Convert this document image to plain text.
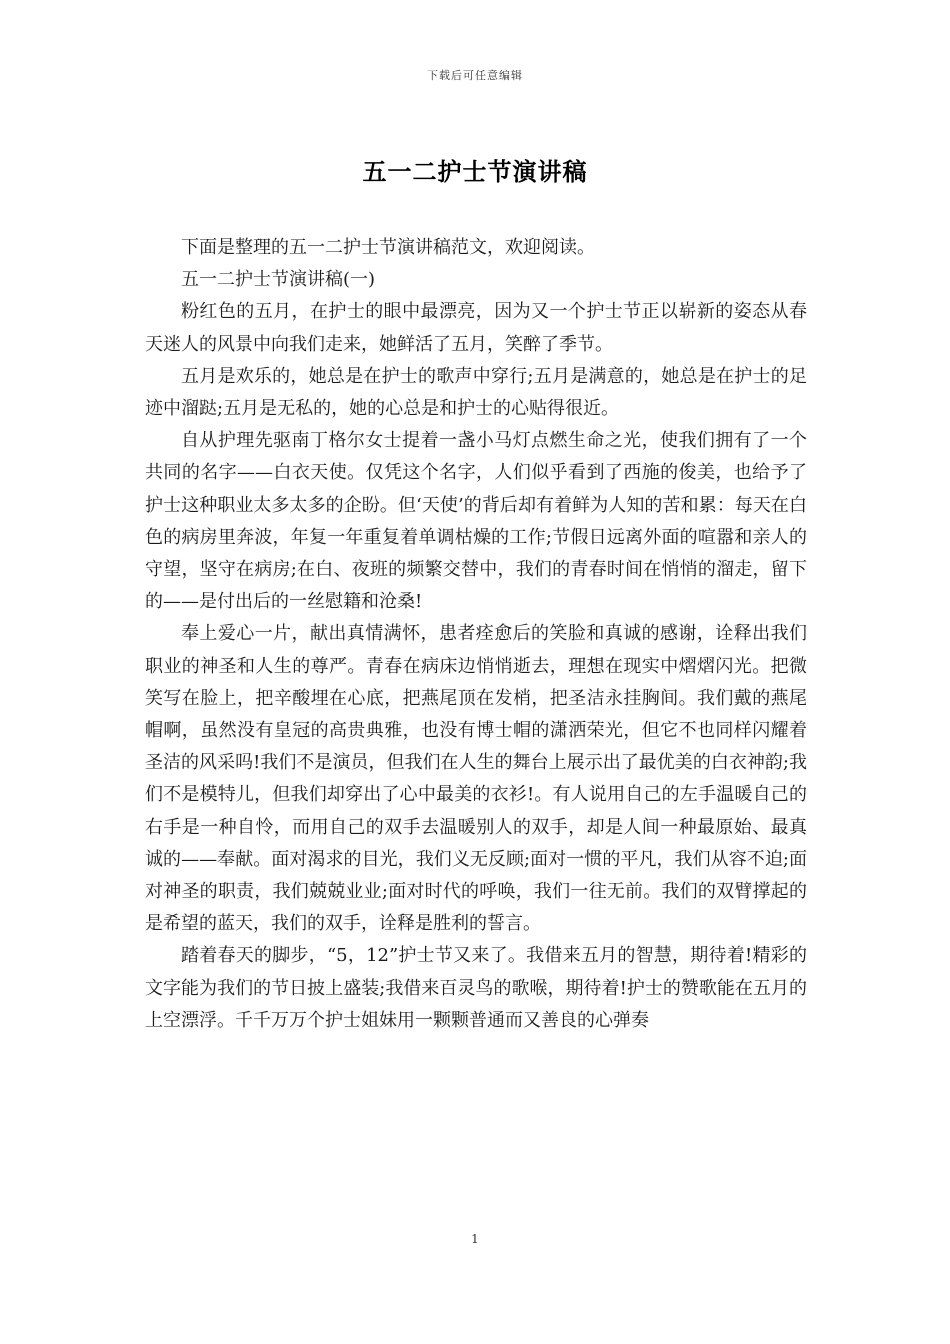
下载后可任意编辑
五一二护士节演讲稿

下面是整理的五一二护士节演讲稿范文，欢迎阅读。

五一二护士节演讲稿(一)

粉红色的五月，在护士的眼中最漂亮，因为又一个护士节正以崭新的姿态从春天迷人的风景中向我们走来，她鲜活了五月，笑醉了季节。

五月是欢乐的，她总是在护士的歌声中穿行;五月是满意的，她总是在护士的足迹中溜跶;五月是无私的，她的心总是和护士的心贴得很近。

自从护理先驱南丁格尔女士提着一盏小马灯点燃生命之光，使我们拥有了一个共同的名字——白衣天使。仅凭这个名字，人们似乎看到了西施的俊美，也给予了护士这种职业太多太多的企盼。但‘天使’的背后却有着鲜为人知的苦和累：每天在白色的病房里奔波，年复一年重复着单调枯燥的工作;节假日远离外面的喧嚣和亲人的守望，坚守在病房;在白、夜班的频繁交替中，我们的青春时间在悄悄的溜走，留下的——是付出后的一丝慰籍和沧桑!

奉上爱心一片，献出真情满怀，患者痊愈后的笑脸和真诚的感谢，诠释出我们职业的神圣和人生的尊严。青春在病床边悄悄逝去，理想在现实中熠熠闪光。把微笑写在脸上，把辛酸埋在心底，把燕尾顶在发梢，把圣洁永挂胸间。我们戴的燕尾帽啊，虽然没有皇冠的高贵典雅，也没有博士帽的潇洒荣光，但它不也同样闪耀着圣洁的风采吗!我们不是演员，但我们在人生的舞台上展示出了最优美的白衣神韵;我们不是模特儿，但我们却穿出了心中最美的衣衫!。有人说用自己的左手温暖自己的右手是一种自怜，而用自己的双手去温暖别人的双手，却是人间一种最原始、最真诚的——奉献。面对渴求的目光，我们义无反顾;面对一惯的平凡，我们从容不迫;面对神圣的职责，我们兢兢业业;面对时代的呼唤，我们一往无前。我们的双臂撑起的是希望的蓝天，我们的双手，诠释是胜利的誓言。

踏着春天的脚步，“5，12”护士节又来了。我借来五月的智慧，期待着!精彩的文字能为我们的节日披上盛装;我借来百灵鸟的歌喉，期待着!护士的赞歌能在五月的上空漂浮。千千万万个护士姐妹用一颗颗普通而又善良的心弹奏

1
